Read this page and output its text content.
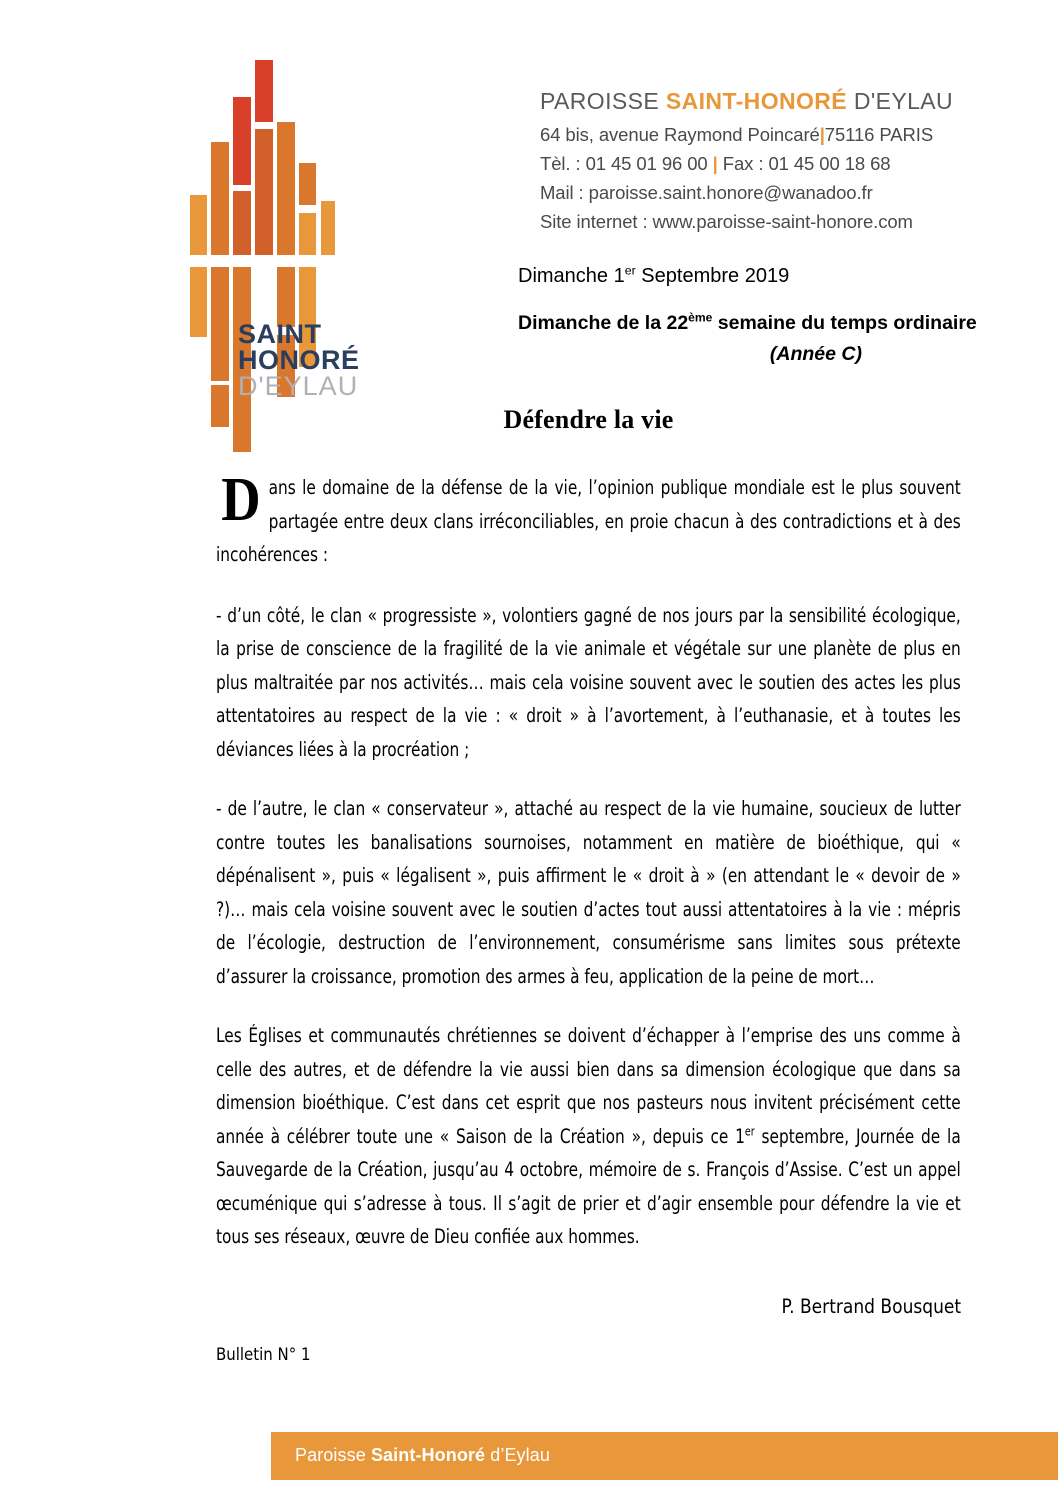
SAINT
HONORÉ
D'EYLAU
PAROISSE SAINT-HONORÉ D'EYLAU
64 bis, avenue Raymond Poincaré|75116 PARIS
Tèl. : 01 45 01 96 00 | Fax : 01 45 00 18 68
Mail : paroisse.saint.honore@wanadoo.fr
Site internet : www.paroisse-saint-honore.com
Dimanche 1er Septembre 2019
Dimanche de la 22ème semaine du temps ordinaire
(Année C)
Défendre la vie

Dans le domaine de la défense de la vie, l’opinion publique mondiale est le plus souvent partagée entre deux clans irréconciliables, en proie chacun à des contradictions et à des incohérences :

- d’un côté, le clan « progressiste », volontiers gagné de nos jours par la sensibilité écologique, la prise de conscience de la fragilité de la vie animale et végétale sur une planète de plus en plus maltraitée par nos activités… mais cela voisine souvent avec le soutien des actes les plus attentatoires au respect de la vie : « droit » à l’avortement, à l’euthanasie, et à toutes les déviances liées à la procréation ;

- de l’autre, le clan « conservateur », attaché au respect de la vie humaine, soucieux de lutter contre toutes les banalisations sournoises, notamment en matière de bioéthique, qui « dépénalisent », puis « légalisent », puis affirment le « droit à » (en attendant le « devoir de » ?)… mais cela voisine souvent avec le soutien d’actes tout aussi attentatoires à la vie : mépris de l’écologie, destruction de l’environnement, consumérisme sans limites sous prétexte d’assurer la croissance, promotion des armes à feu, application de la peine de mort…

Les Églises et communautés chrétiennes se doivent d’échapper à l’emprise des uns comme à celle des autres, et de défendre la vie aussi bien dans sa dimension écologique que dans sa dimension bioéthique. C’est dans cet esprit que nos pasteurs nous invitent précisément cette année à célébrer toute une « Saison de la Création », depuis ce 1er septembre, Journée de la Sauvegarde de la Création, jusqu’au 4 octobre, mémoire de s. François d’Assise. C’est un appel œcuménique qui s’adresse à tous. Il s’agit de prier et d’agir ensemble pour défendre la vie et tous ses réseaux, œuvre de Dieu confiée aux hommes.

P. Bertrand Bousquet
Bulletin N° 1
Paroisse Saint-Honoré d’Eylau
